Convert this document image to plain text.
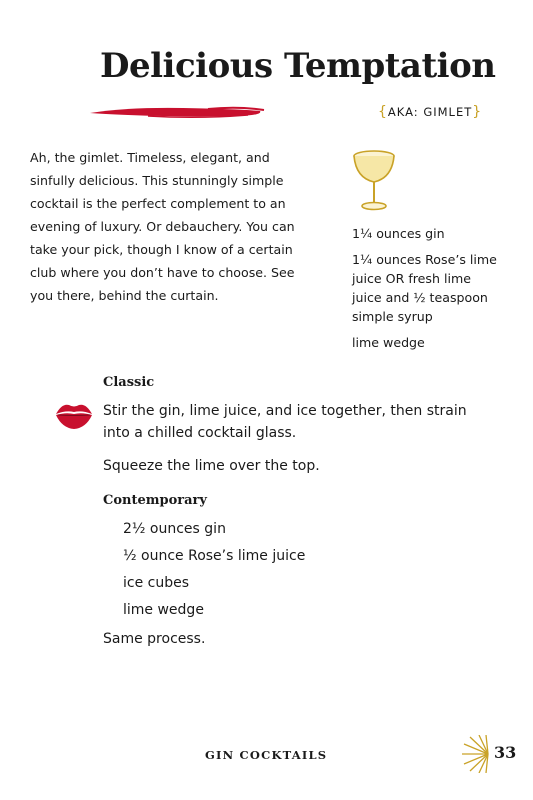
Delicious Temptation
{AKA: GIMLET}
Ah, the gimlet. Timeless, elegant, and sinfully delicious. This stunningly simple cocktail is the perfect complement to an evening of luxury. Or debauchery. You can take your pick, though I know of a certain club where you don’t have to choose. See you there, behind the curtain.

1¼ ounces gin

1¼ ounces Rose’s lime juice OR fresh lime juice and ½ teaspoon simple syrup

lime wedge

Classic
Stir the gin, lime juice, and ice together, then strain into a chilled cocktail glass.
Squeeze the lime over the top.
Contemporary
2½ ounces gin
½ ounce Rose’s lime juice
ice cubes
lime wedge
Same process.
GIN COCKTAILS	33
